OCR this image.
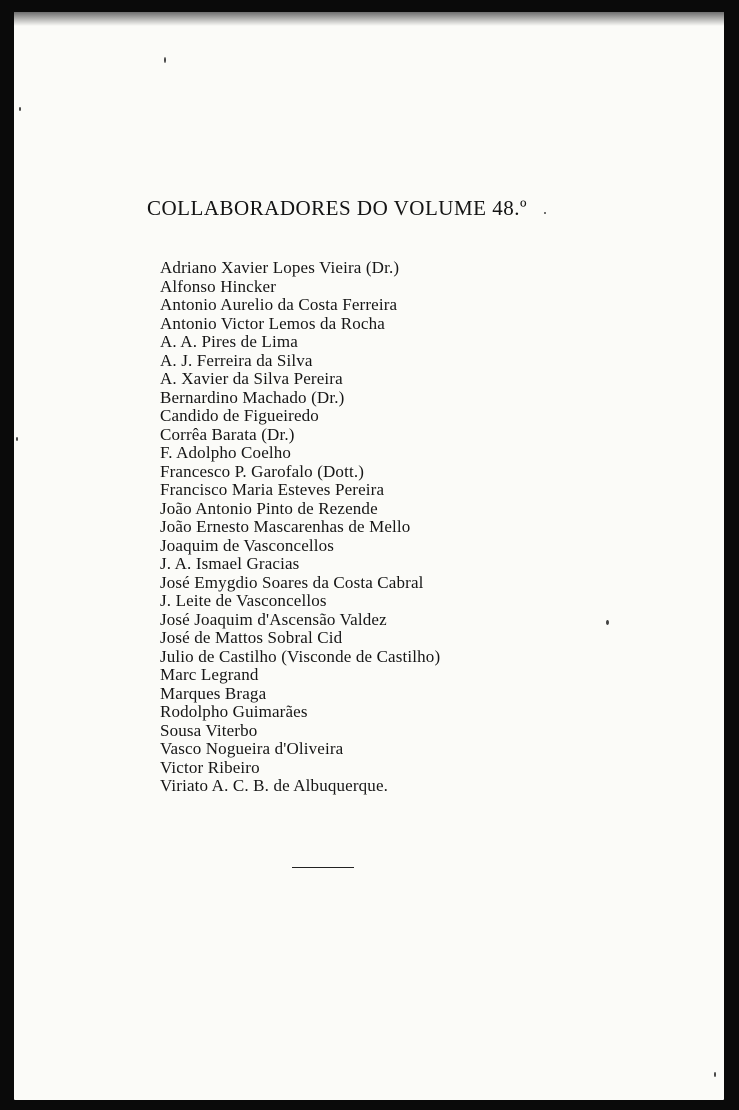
COLLABORADORES DO VOLUME 48.º
Adriano Xavier Lopes Vieira (Dr.)
Alfonso Hincker
Antonio Aurelio da Costa Ferreira
Antonio Victor Lemos da Rocha
A. A. Pires de Lima
A. J. Ferreira da Silva
A. Xavier da Silva Pereira
Bernardino Machado (Dr.)
Candido de Figueiredo
Corrêa Barata (Dr.)
F. Adolpho Coelho
Francesco P. Garofalo (Dott.)
Francisco Maria Esteves Pereira
João Antonio Pinto de Rezende
João Ernesto Mascarenhas de Mello
Joaquim de Vasconcellos
J. A. Ismael Gracias
José Emygdio Soares da Costa Cabral
J. Leite de Vasconcellos
José Joaquim d'Ascensão Valdez
José de Mattos Sobral Cid
Julio de Castilho (Visconde de Castilho)
Marc Legrand
Marques Braga
Rodolpho Guimarães
Sousa Viterbo
Vasco Nogueira d'Oliveira
Victor Ribeiro
Viriato A. C. B. de Albuquerque.
